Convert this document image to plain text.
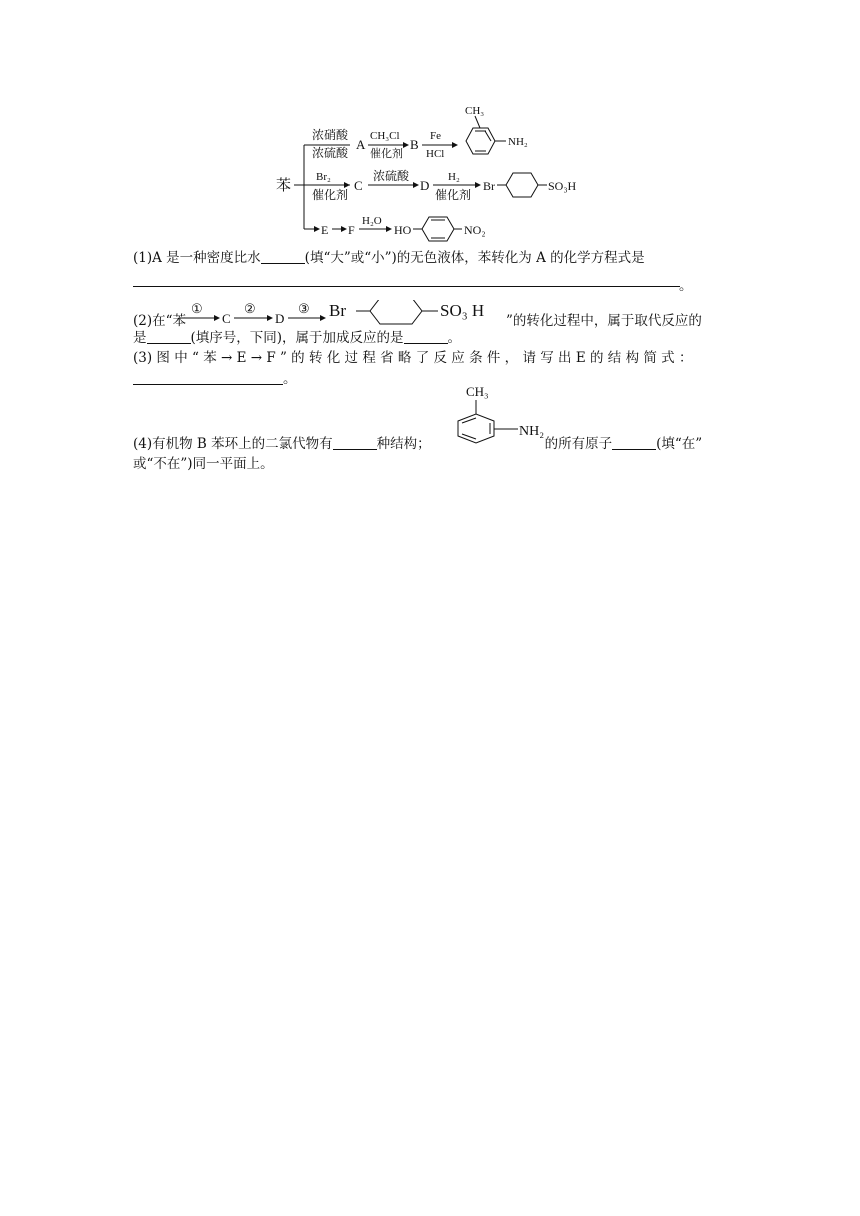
苯
浓硝酸
浓硫酸
A
CH₃Cl
催化剂
B
Fe
HCl
CH₃
NH₂
Br₂
催化剂
C
浓硫酸
D
H₂
催化剂
Br	SO₃H
E F
H₂O
HO	NO₂
(1)A 是一种密度比水	(填“大”或“小”)的无色液体，苯转化为 A 的化学方程式是
。
(2)在“苯
①
C
②
D
③ Br	SO₃ H
”的转化过程中，属于取代反应的
是	(填序号，下同)，属于加成反应的是	。
(3) 图 中 “ 苯 → E → F ” 的 转 化 过 程 省 略 了 反 应 条 件 ， 请 写 出 E 的 结 构 简 式 ：
。
CH₃
NH₂
(4)有机物 B 苯环上的二氯代物有	种结构；	的所有原子	(填“在”
或“不在”)同一平面上。
